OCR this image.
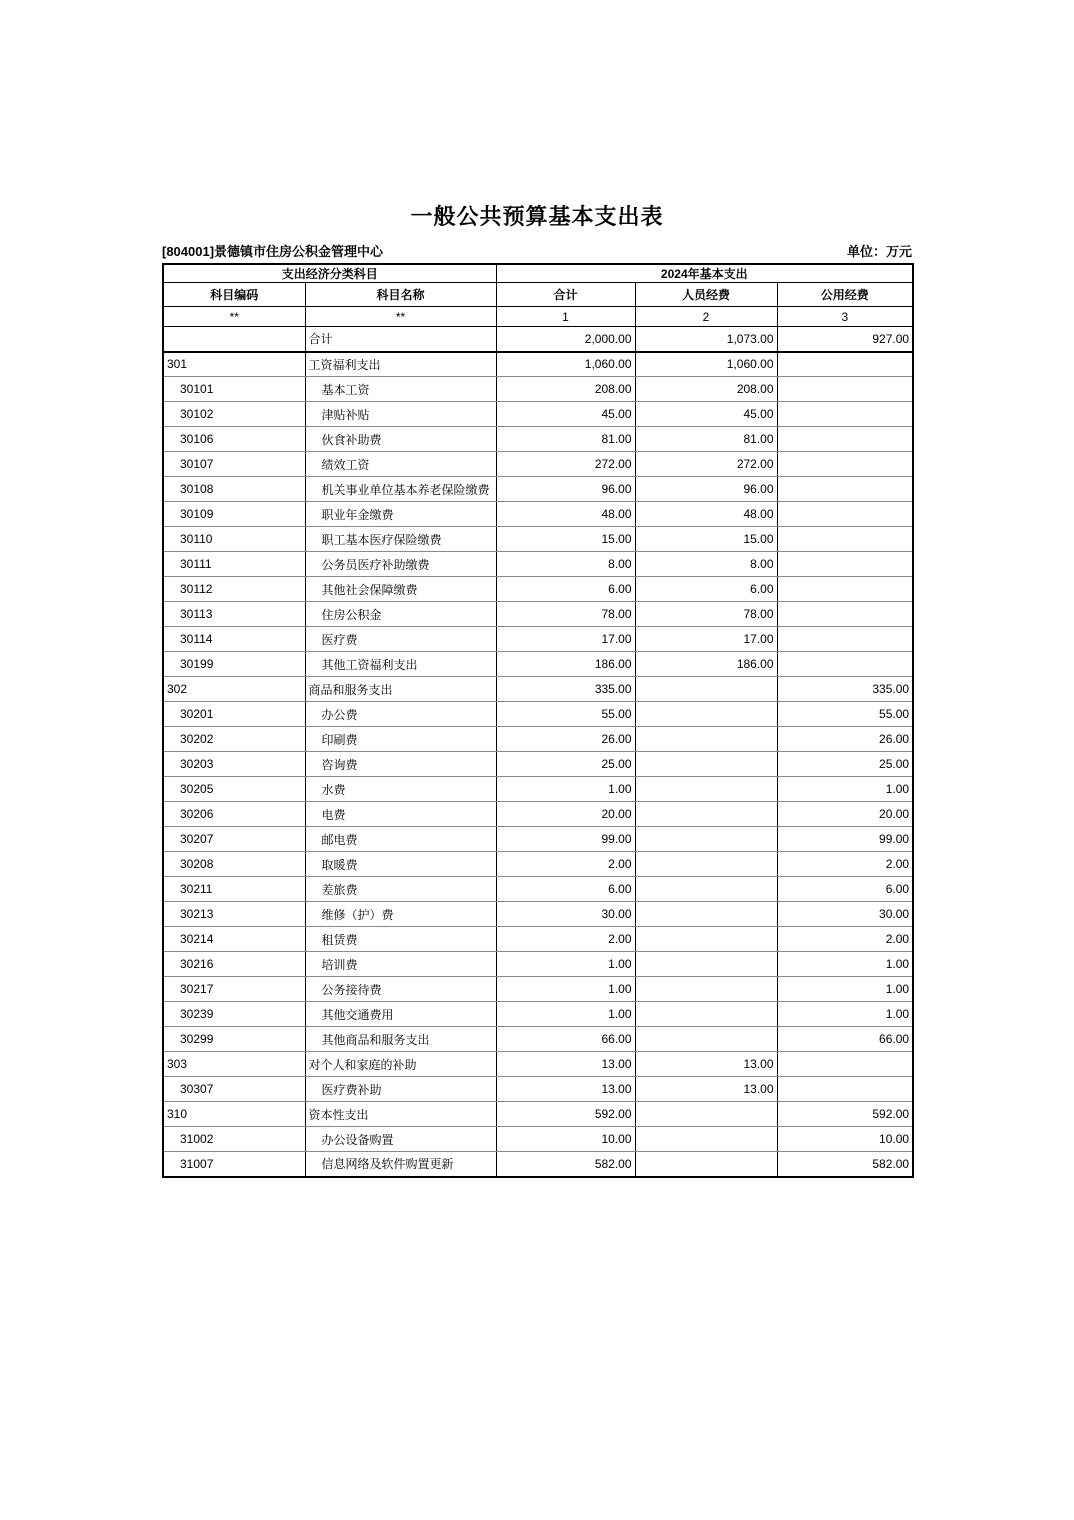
一般公共预算基本支出表
[804001]景德镇市住房公积金管理中心	单位：万元
支出经济分类科目		2024年基本支出		
科目编码	科目名称	合计	人员经费	公用经费
**	**	1	2	3
	合计	2,000.00	1,073.00	927.00
301	工资福利支出	1,060.00	1,060.00	
30101	基本工资	208.00	208.00	
30102	津贴补贴	45.00	45.00	
30106	伙食补助费	81.00	81.00	
30107	绩效工资	272.00	272.00	
30108	机关事业单位基本养老保险缴费	96.00	96.00	
30109	职业年金缴费	48.00	48.00	
30110	职工基本医疗保险缴费	15.00	15.00	
30111	公务员医疗补助缴费	8.00	8.00	
30112	其他社会保障缴费	6.00	6.00	
30113	住房公积金	78.00	78.00	
30114	医疗费	17.00	17.00	
30199	其他工资福利支出	186.00	186.00	
302	商品和服务支出	335.00		335.00
30201	办公费	55.00		55.00
30202	印刷费	26.00		26.00
30203	咨询费	25.00		25.00
30205	水费	1.00		1.00
30206	电费	20.00		20.00
30207	邮电费	99.00		99.00
30208	取暖费	2.00		2.00
30211	差旅费	6.00		6.00
30213	维修（护）费	30.00		30.00
30214	租赁费	2.00		2.00
30216	培训费	1.00		1.00
30217	公务接待费	1.00		1.00
30239	其他交通费用	1.00		1.00
30299	其他商品和服务支出	66.00		66.00
303	对个人和家庭的补助	13.00	13.00	
30307	医疗费补助	13.00	13.00	
310	资本性支出	592.00		592.00
31002	办公设备购置	10.00		10.00
31007	信息网络及软件购置更新	582.00		582.00
